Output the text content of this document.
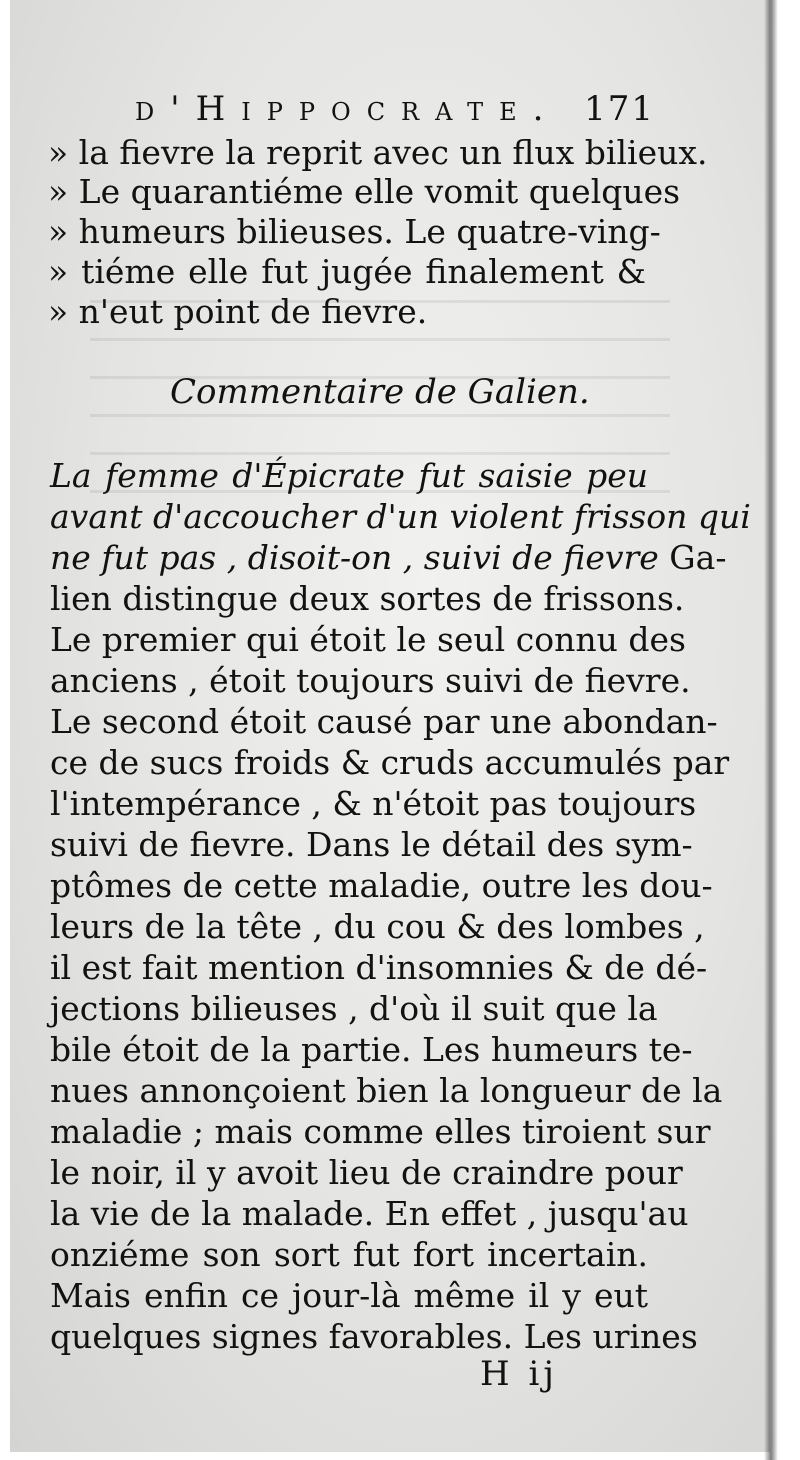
d'Hippocrate. 171
» la fievre la reprit avec un flux bilieux.
» Le quarantiéme elle vomit quelques
» humeurs bilieuses. Le quatre-ving-
» tiéme elle fut jugée finalement &
» n'eut point de fievre.
Commentaire de Galien.
La femme d'Épicrate fut saisie peu
avant d'accoucher d'un violent frisson qui
ne fut pas , disoit-on , suivi de fievre Ga-
lien distingue deux sortes de frissons.
Le premier qui étoit le seul connu des
anciens , étoit toujours suivi de fievre.
Le second étoit causé par une abondan-
ce de sucs froids & cruds accumulés par
l'intempérance , & n'étoit pas toujours
suivi de fievre. Dans le détail des sym-
ptômes de cette maladie, outre les dou-
leurs de la tête , du cou & des lombes ,
il est fait mention d'insomnies & de dé-
jections bilieuses , d'où il suit que la
bile étoit de la partie. Les humeurs te-
nues annonçoient bien la longueur de la
maladie ; mais comme elles tiroient sur
le noir, il y avoit lieu de craindre pour
la vie de la malade. En effet , jusqu'au
onziéme son sort fut fort incertain.
Mais enfin ce jour-là même il y eut
quelques signes favorables. Les urines
H ij
